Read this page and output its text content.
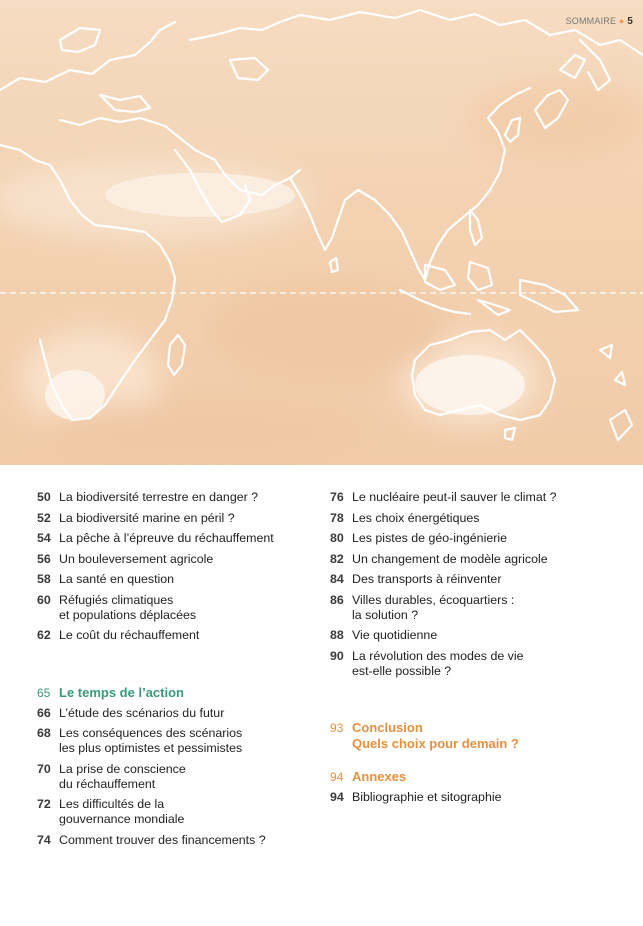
SOMMAIRE ● 5
50 La biodiversité terrestre en danger ?
52 La biodiversité marine en péril ?
54 La pêche à l’épreuve du réchauffement
56 Un bouleversement agricole
58 La santé en question
60 Réfugiés climatiques
et populations déplacées
62 Le coût du réchauffement
65 Le temps de l’action
66 L’étude des scénarios du futur
68 Les conséquences des scénarios
les plus optimistes et pessimistes
70 La prise de conscience
du réchauffement
72 Les difficultés de la
gouvernance mondiale
74 Comment trouver des financements ?
76 Le nucléaire peut-il sauver le climat ?
78 Les choix énergétiques
80 Les pistes de géo-ingénierie
82 Un changement de modèle agricole
84 Des transports à réinventer
86 Villes durables, écoquartiers :
la solution ?
88 Vie quotidienne
90 La révolution des modes de vie
est-elle possible ?
93 Conclusion
Quels choix pour demain ?
94 Annexes
94 Bibliographie et sitographie
